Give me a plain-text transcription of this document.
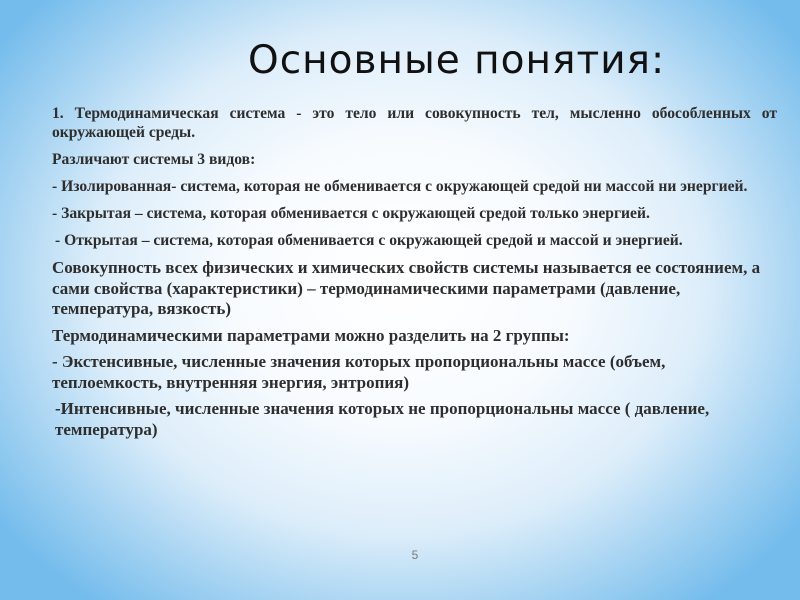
Основные понятия:

1. Термодинамическая система - это тело или совокупность тел, мысленно обособленных от окружающей среды.

Различают системы 3 видов:

- Изолированная- система, которая не обменивается с окружающей средой ни массой ни энергией.

- Закрытая – система, которая обменивается с окружающей средой только энергией.

- Открытая – система, которая обменивается с окружающей средой и массой и энергией.

Совокупность всех физических и химических свойств системы называется ее состоянием, а сами свойства (характеристики) – термодинамическими параметрами (давление, температура, вязкость)

Термодинамическими параметрами можно разделить на 2 группы:

- Экстенсивные, численные значения которых пропорциональны массе (объем, теплоемкость, внутренняя энергия, энтропия)

-Интенсивные, численные значения которых не пропорциональны массе ( давление, температура)

5
